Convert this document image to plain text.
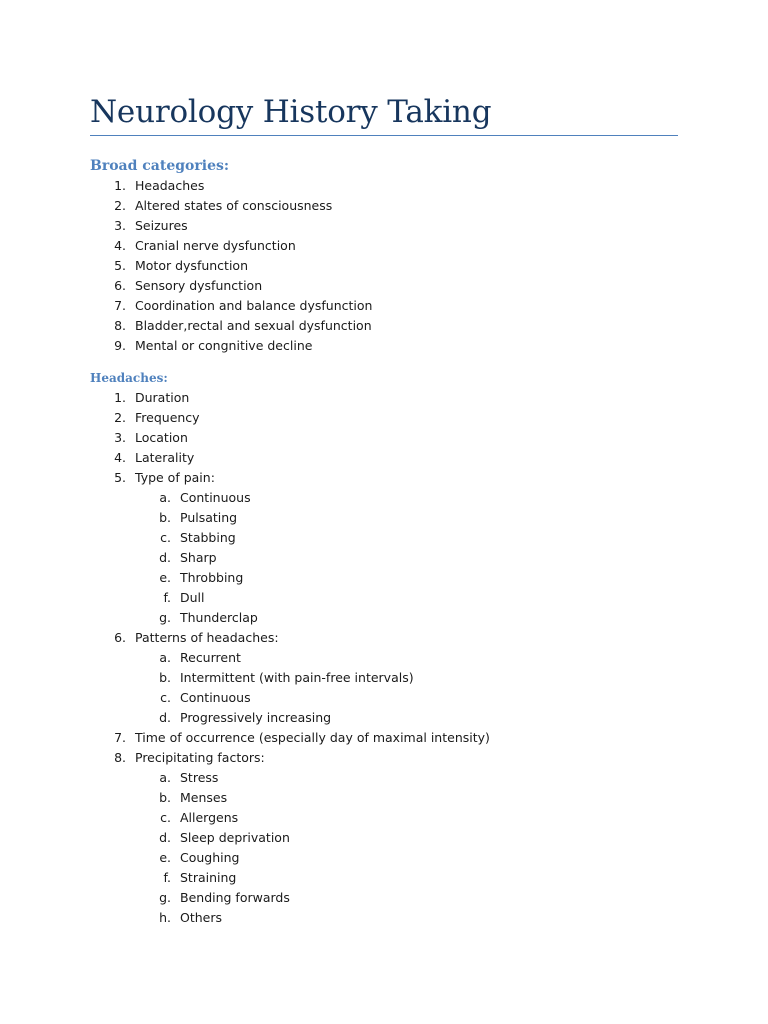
Neurology History Taking
Broad categories:
1. Headaches
2. Altered states of consciousness
3. Seizures
4. Cranial nerve dysfunction
5. Motor dysfunction
6. Sensory dysfunction
7. Coordination and balance dysfunction
8. Bladder,rectal and sexual dysfunction
9. Mental or congnitive decline
Headaches:
1. Duration
2. Frequency
3. Location
4. Laterality
5. Type of pain:
a. Continuous
b. Pulsating
c. Stabbing
d. Sharp
e. Throbbing
f. Dull
g. Thunderclap
6. Patterns of headaches:
a. Recurrent
b. Intermittent (with pain-free intervals)
c. Continuous
d. Progressively increasing
7. Time of occurrence (especially day of maximal intensity)
8. Precipitating factors:
a. Stress
b. Menses
c. Allergens
d. Sleep deprivation
e. Coughing
f. Straining
g. Bending forwards
h. Others
